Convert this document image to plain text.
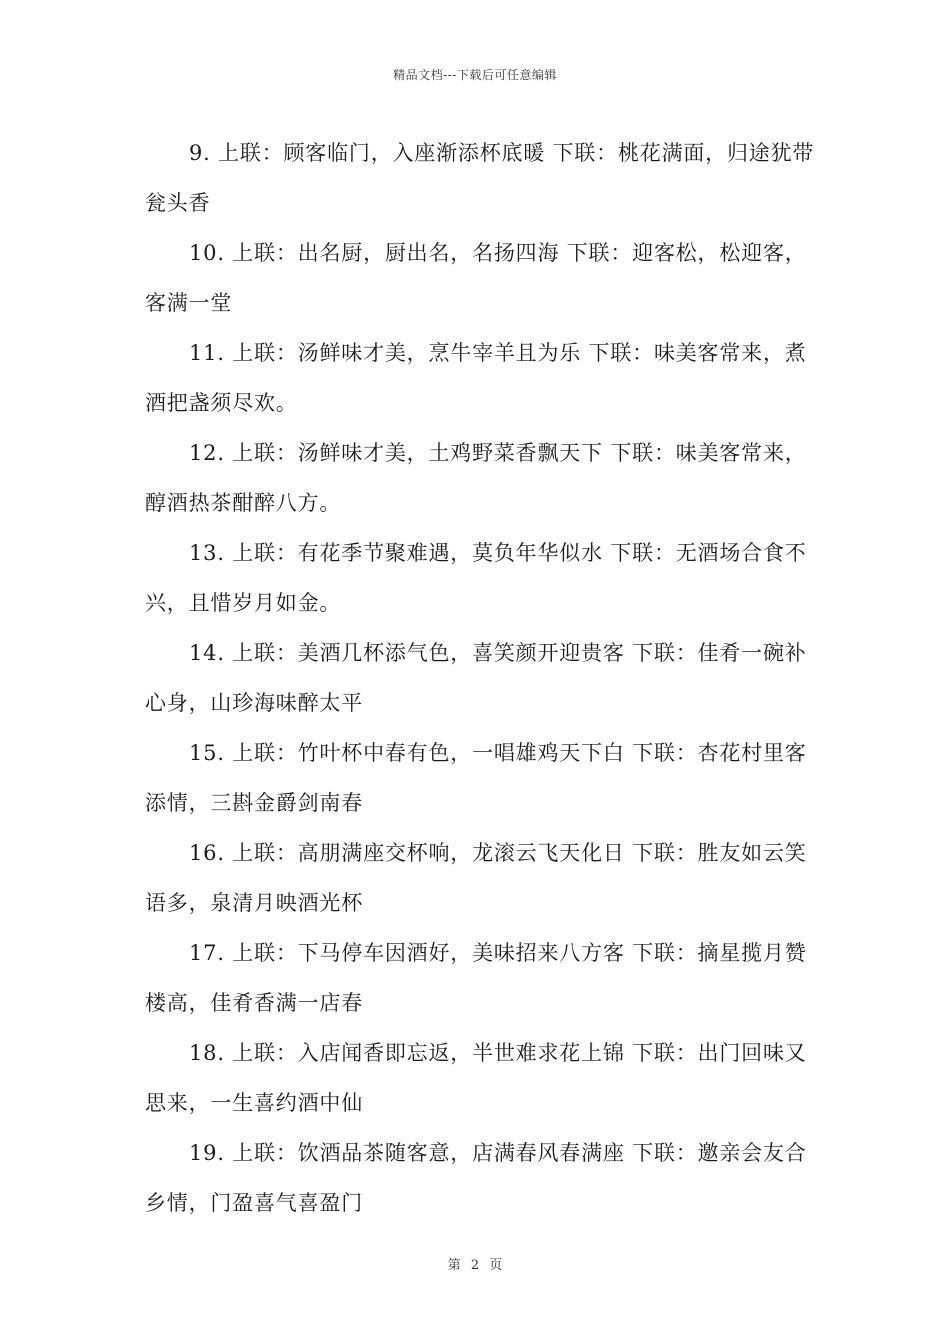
精品文档---下载后可任意编辑

9. 上联：顾客临门，入座渐添杯底暖 下联：桃花满面，归途犹带瓮头香

10. 上联：出名厨，厨出名，名扬四海 下联：迎客松，松迎客，客满一堂

11. 上联：汤鲜味才美，烹牛宰羊且为乐 下联：味美客常来，煮酒把盏须尽欢。

12. 上联：汤鲜味才美，土鸡野菜香飘天下 下联：味美客常来，醇酒热茶酣醉八方。

13. 上联：有花季节聚难遇，莫负年华似水 下联：无酒场合食不兴，且惜岁月如金。

14. 上联：美酒几杯添气色，喜笑颜开迎贵客 下联：佳肴一碗补心身，山珍海味醉太平

15. 上联：竹叶杯中春有色，一唱雄鸡天下白 下联：杏花村里客添情，三斟金爵剑南春

16. 上联：高朋满座交杯响，龙滚云飞天化日 下联：胜友如云笑语多，泉清月映酒光杯

17. 上联：下马停车因酒好，美味招来八方客 下联：摘星揽月赞楼高，佳肴香满一店春

18. 上联：入店闻香即忘返，半世难求花上锦 下联：出门回味又思来，一生喜约酒中仙

19. 上联：饮酒品茶随客意，店满春风春满座 下联：邀亲会友合乡情，门盈喜气喜盈门

第 2 页
